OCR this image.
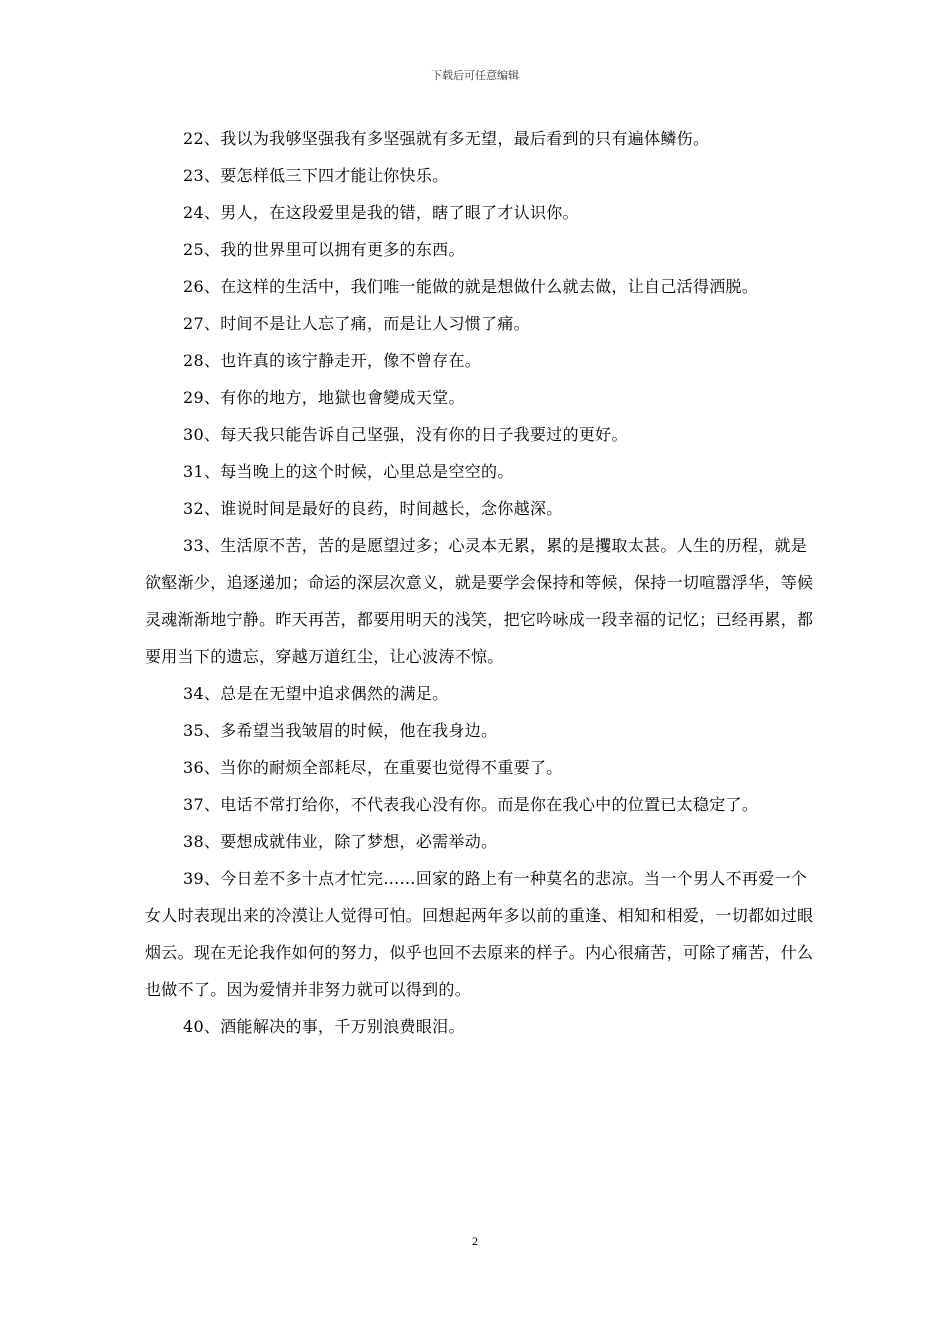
下载后可任意编辑

22、我以为我够坚强我有多坚强就有多无望，最后看到的只有遍体鳞伤。

23、要怎样低三下四才能让你快乐。

24、男人，在这段爱里是我的错，瞎了眼了才认识你。

25、我的世界里可以拥有更多的东西。

26、在这样的生活中，我们唯一能做的就是想做什么就去做，让自己活得洒脱。

27、时间不是让人忘了痛，而是让人习惯了痛。

28、也许真的该宁静走开，像不曾存在。

29、有你的地方，地獄也會變成天堂。

30、每天我只能告诉自己坚强，没有你的日子我要过的更好。

31、每当晚上的这个时候，心里总是空空的。

32、谁说时间是最好的良药，时间越长，念你越深。

33、生活原不苦，苦的是愿望过多；心灵本无累，累的是攫取太甚。人生的历程，就是欲壑渐少，追逐递加；命运的深层次意义，就是要学会保持和等候，保持一切喧嚣浮华，等候灵魂渐渐地宁静。昨天再苦，都要用明天的浅笑，把它吟咏成一段幸福的记忆；已经再累，都要用当下的遗忘，穿越万道红尘，让心波涛不惊。

34、总是在无望中追求偶然的满足。

35、多希望当我皱眉的时候，他在我身边。

36、当你的耐烦全部耗尽，在重要也觉得不重要了。

37、电话不常打给你，不代表我心没有你。而是你在我心中的位置已太稳定了。

38、要想成就伟业，除了梦想，必需举动。

39、今日差不多十点才忙完……回家的路上有一种莫名的悲凉。当一个男人不再爱一个女人时表现出来的冷漠让人觉得可怕。回想起两年多以前的重逢、相知和相爱，一切都如过眼烟云。现在无论我作如何的努力，似乎也回不去原来的样子。内心很痛苦，可除了痛苦，什么也做不了。因为爱情并非努力就可以得到的。

40、酒能解决的事，千万别浪费眼泪。

2
